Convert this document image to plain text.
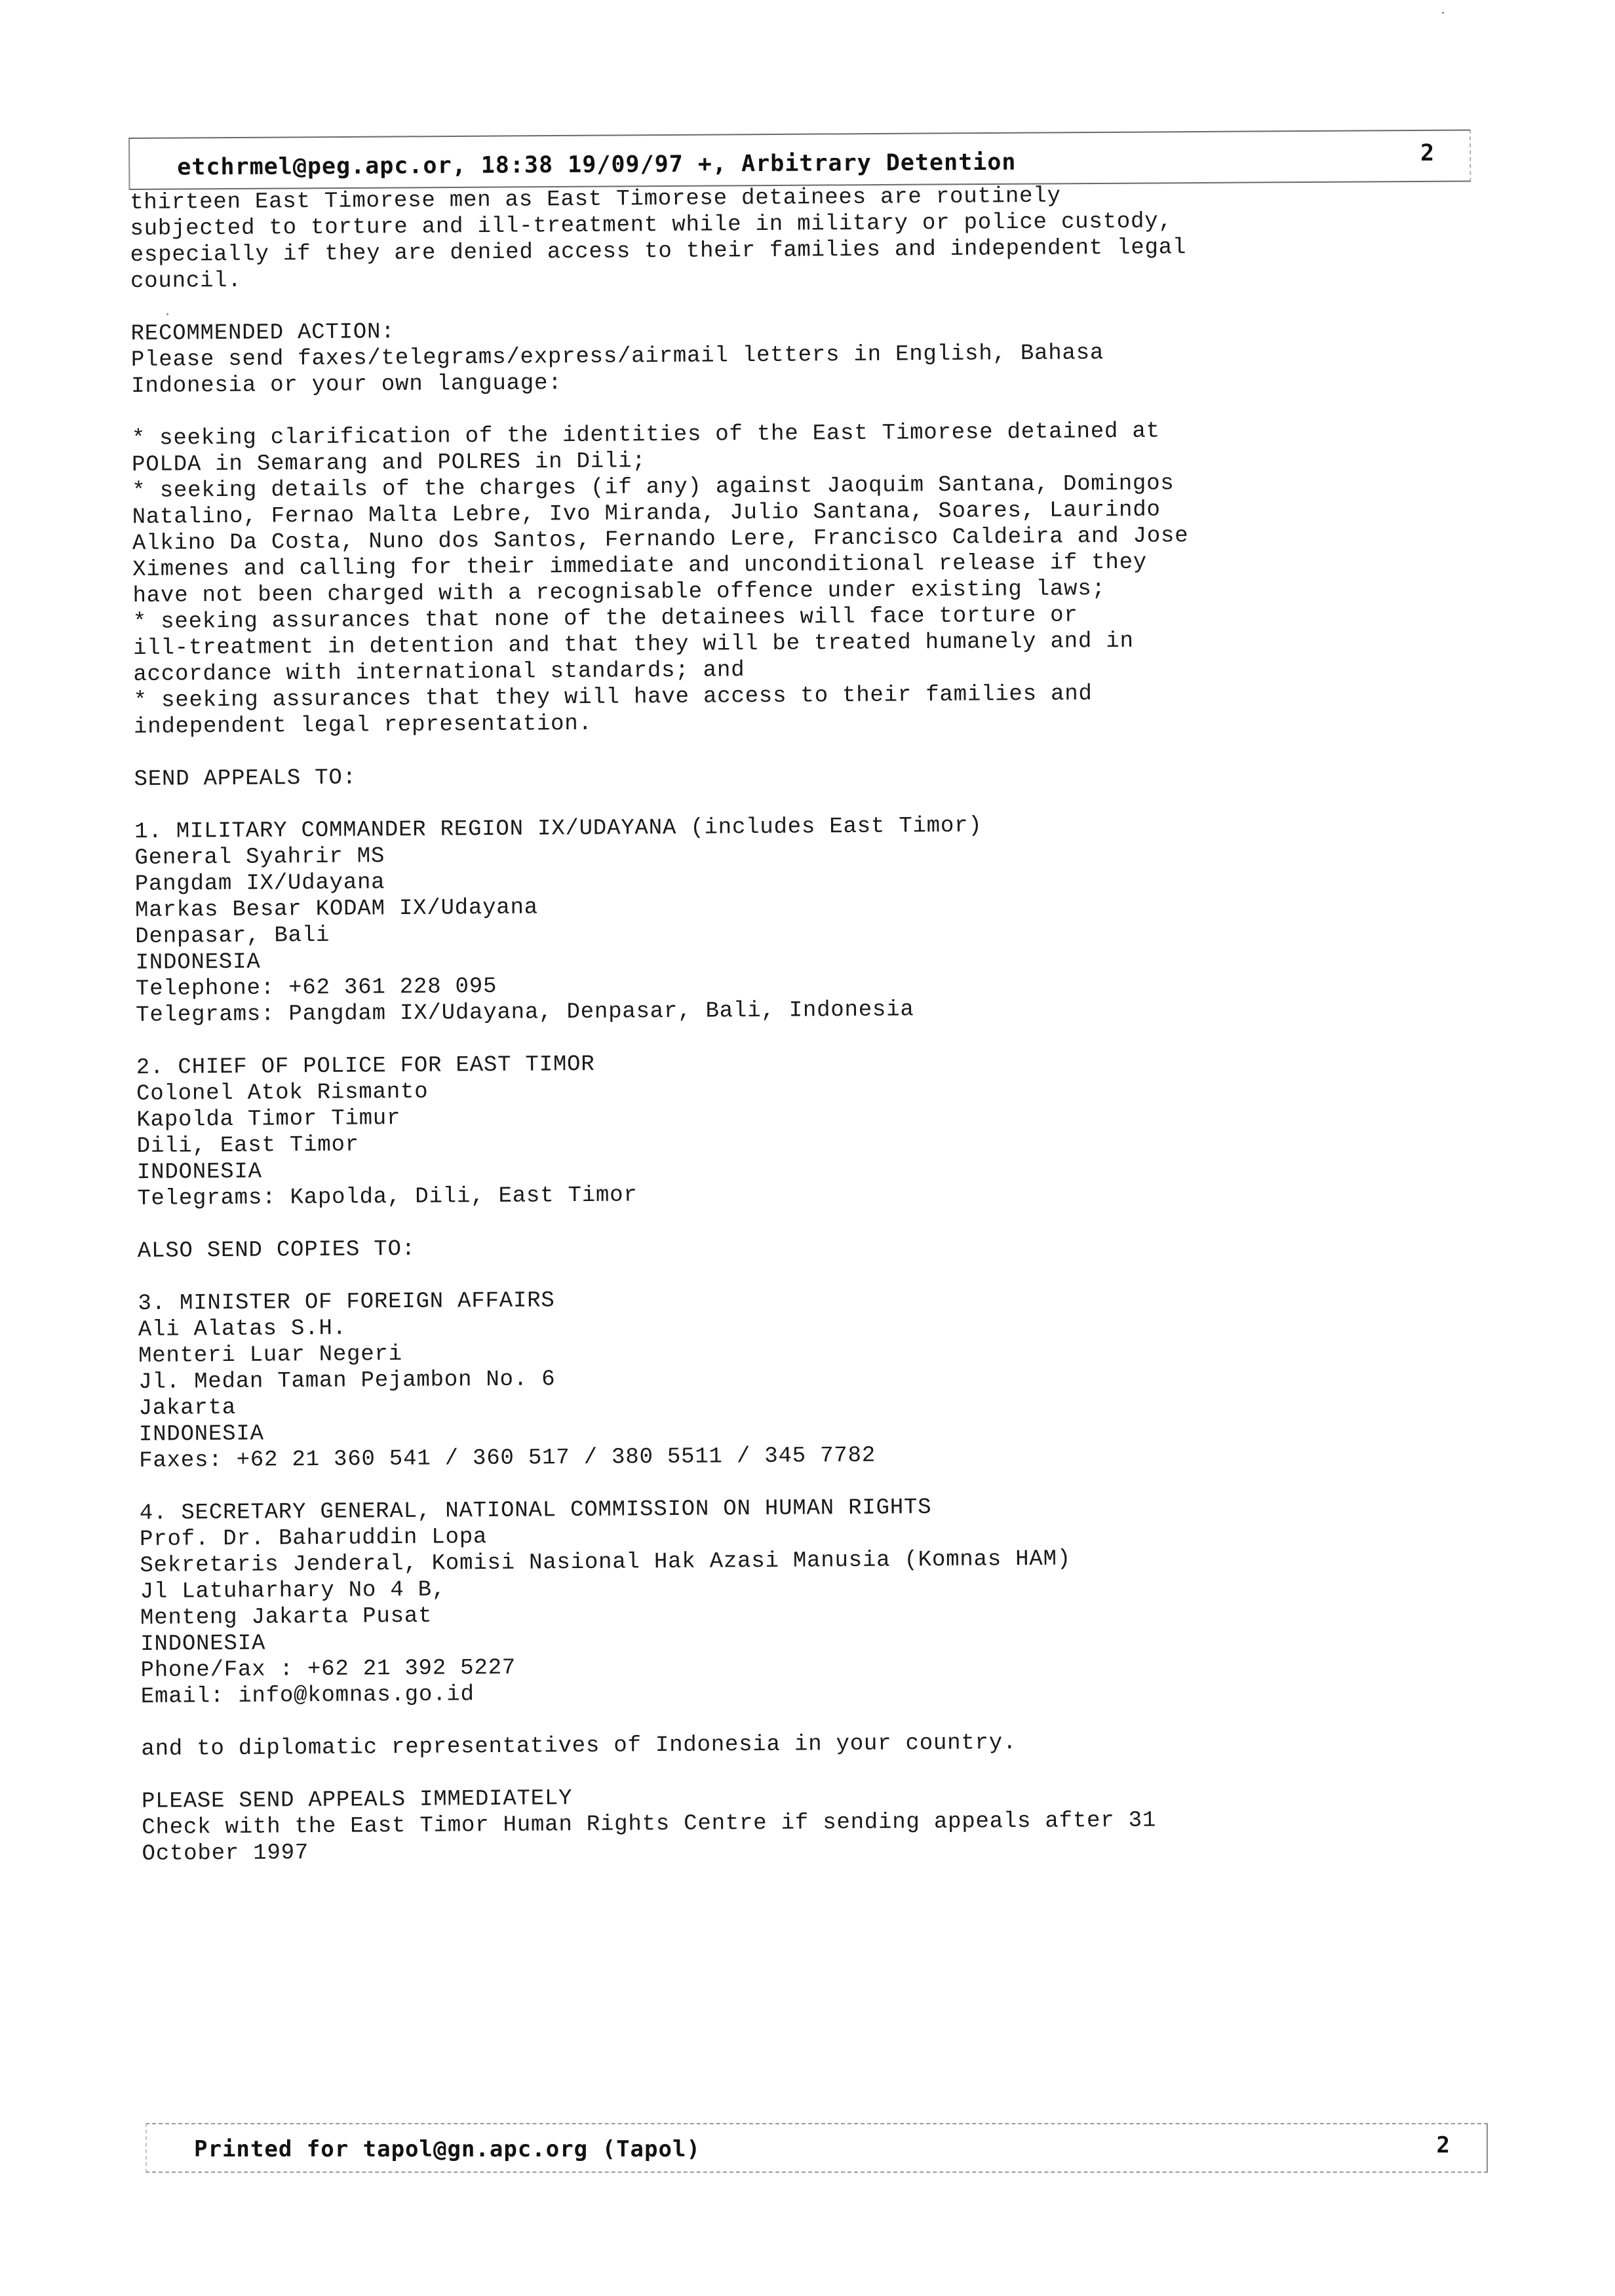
etchrmel@peg.apc.or, 18:38 19/09/97 +, Arbitrary Detention	2
thirteen East Timorese men as East Timorese detainees are routinely
subjected to torture and ill-treatment while in military or police custody,
especially if they are denied access to their families and independent legal
council.
RECOMMENDED ACTION:
Please send faxes/telegrams/express/airmail letters in English, Bahasa
Indonesia or your own language:
* seeking clarification of the identities of the East Timorese detained at
POLDA in Semarang and POLRES in Dili;
* seeking details of the charges (if any) against Jaoquim Santana, Domingos
Natalino, Fernao Malta Lebre, Ivo Miranda, Julio Santana, Soares, Laurindo
Alkino Da Costa, Nuno dos Santos, Fernando Lere, Francisco Caldeira and Jose
Ximenes and calling for their immediate and unconditional release if they
have not been charged with a recognisable offence under existing laws;
* seeking assurances that none of the detainees will face torture or
ill-treatment in detention and that they will be treated humanely and in
accordance with international standards; and
* seeking assurances that they will have access to their families and
independent legal representation.
SEND APPEALS TO:
1. MILITARY COMMANDER REGION IX/UDAYANA (includes East Timor)
General Syahrir MS
Pangdam IX/Udayana
Markas Besar KODAM IX/Udayana
Denpasar, Bali
INDONESIA
Telephone: +62 361 228 095
Telegrams: Pangdam IX/Udayana, Denpasar, Bali, Indonesia
2. CHIEF OF POLICE FOR EAST TIMOR
Colonel Atok Rismanto
Kapolda Timor Timur
Dili, East Timor
INDONESIA
Telegrams: Kapolda, Dili, East Timor
ALSO SEND COPIES TO:
3. MINISTER OF FOREIGN AFFAIRS
Ali Alatas S.H.
Menteri Luar Negeri
Jl. Medan Taman Pejambon No. 6
Jakarta
INDONESIA
Faxes: +62 21 360 541 / 360 517 / 380 5511 / 345 7782
4. SECRETARY GENERAL, NATIONAL COMMISSION ON HUMAN RIGHTS
Prof. Dr. Baharuddin Lopa
Sekretaris Jenderal, Komisi Nasional Hak Azasi Manusia (Komnas HAM)
Jl Latuharhary No 4 B,
Menteng Jakarta Pusat
INDONESIA
Phone/Fax : +62 21 392 5227
Email: info@komnas.go.id
and to diplomatic representatives of Indonesia in your country.
PLEASE SEND APPEALS IMMEDIATELY
Check with the East Timor Human Rights Centre if sending appeals after 31
October 1997
Printed for tapol@gn.apc.org (Tapol)	2
